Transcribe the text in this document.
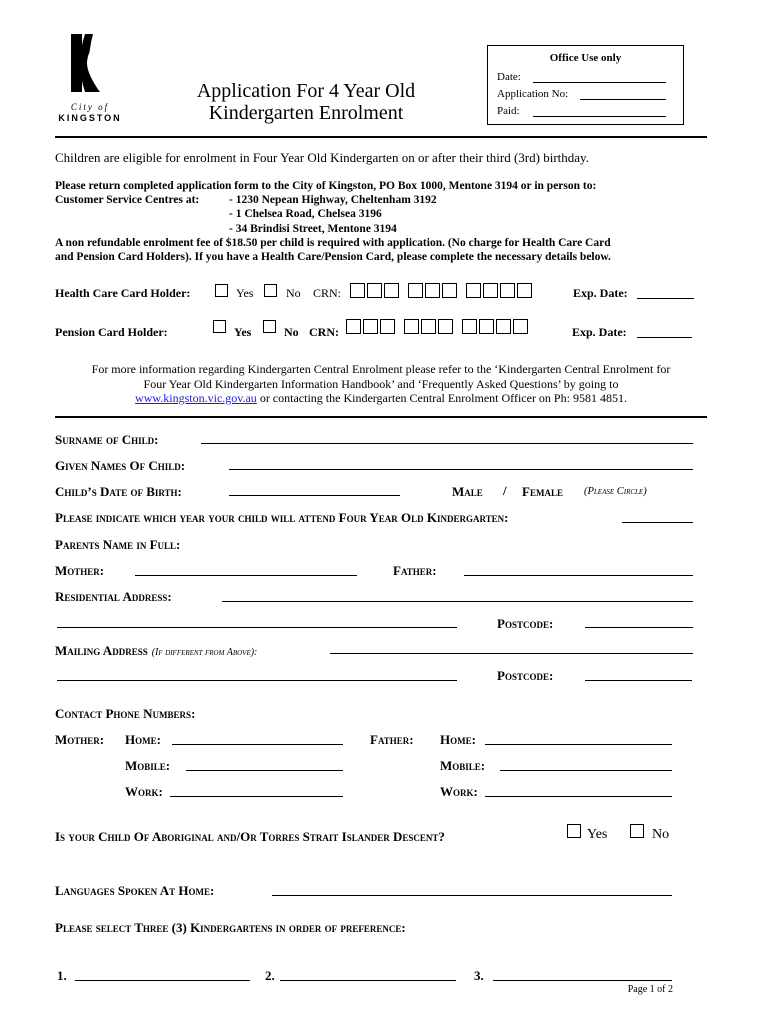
City of
KINGSTON
Application For 4 Year Old
Kindergarten Enrolment
Office Use only
Date:
Application No:
Paid:
Children are eligible for enrolment in Four Year Old Kindergarten on or after their third (3rd) birthday.
Please return completed application form to the City of Kingston, PO Box 1000, Mentone 3194 or in person to:
Customer Service Centres at:	- 1230 Nepean Highway, Cheltenham 3192
- 1 Chelsea Road, Chelsea 3196
- 34 Brindisi Street, Mentone 3194
A non refundable enrolment fee of $18.50 per child is required with application. (No charge for Health Care Card
and Pension Card Holders). If you have a Health Care/Pension Card, please complete the necessary details below.
Health Care Card Holder:	Yes	No CRN:	Exp. Date:
Pension Card Holder:	Yes	No CRN:	Exp. Date:
For more information regarding Kindergarten Central Enrolment please refer to the ‘Kindergarten Central Enrolment for
Four Year Old Kindergarten Information Handbook’ and ‘Frequently Asked Questions’ by going to
www.kingston.vic.gov.au or contacting the Kindergarten Central Enrolment Officer on Ph: 9581 4851.
Surname of Child:
Given Names Of Child:
Child’s Date of Birth:	Male / Female (Please Circle)
Please indicate which year your child will attend Four Year Old Kindergarten:
Parents Name in Full:
Mother:	Father:
Residential Address:
Postcode:
Mailing Address (If different from Above):
Postcode:
Contact Phone Numbers:
Mother: Home:	Father: Home:
Mobile:	Mobile:
Work:	Work:
Is your Child Of Aboriginal and/Or Torres Strait Islander Descent?	Yes	No
Languages Spoken At Home:
Please select Three (3) Kindergartens in order of preference:
1.	2.	3.
Page 1 of 2
